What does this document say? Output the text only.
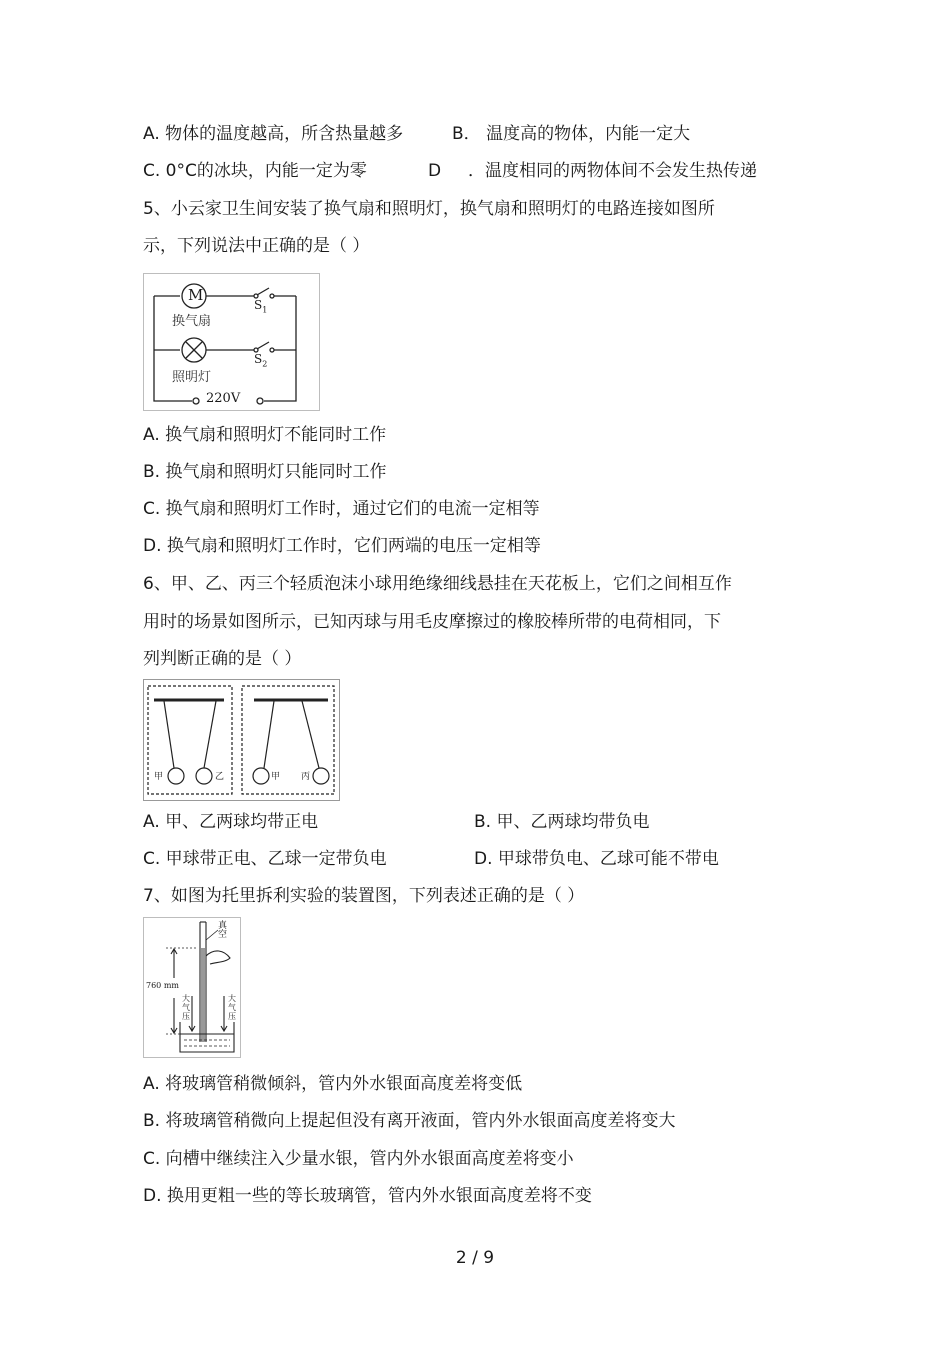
A. 物体的温度越高，所含热量越多	B． 温度高的物体，内能一定大
C. 0°C的冰块，内能一定为零	D ．温度相同的两物体间不会发生热传递
5、小云家卫生间安装了换气扇和照明灯，换气扇和照明灯的电路连接如图所
示，下列说法中正确的是（ ）
M
换气扇
照明灯
$S_1$
$S_2$
220V
A. 换气扇和照明灯不能同时工作
B. 换气扇和照明灯只能同时工作
C. 换气扇和照明灯工作时，通过它们的电流一定相等
D. 换气扇和照明灯工作时，它们两端的电压一定相等
6、甲、乙、丙三个轻质泡沫小球用绝缘细线悬挂在天花板上，它们之间相互作
用时的场景如图所示，已知丙球与用毛皮摩擦过的橡胶棒所带的电荷相同，下
列判断正确的是（ ）
甲	乙	甲 丙
A. 甲、乙两球均带正电	B. 甲、乙两球均带负电
C. 甲球带正电、乙球一定带负电	D. 甲球带负电、乙球可能不带电
7、如图为托里拆利实验的装置图，下列表述正确的是（ ）
真空
760 mm
大气压
大气压
A. 将玻璃管稍微倾斜，管内外水银面高度差将变低
B. 将玻璃管稍微向上提起但没有离开液面，管内外水银面高度差将变大
C. 向槽中继续注入少量水银，管内外水银面高度差将变小
D. 换用更粗一些的等长玻璃管，管内外水银面高度差将不变
2 / 9
